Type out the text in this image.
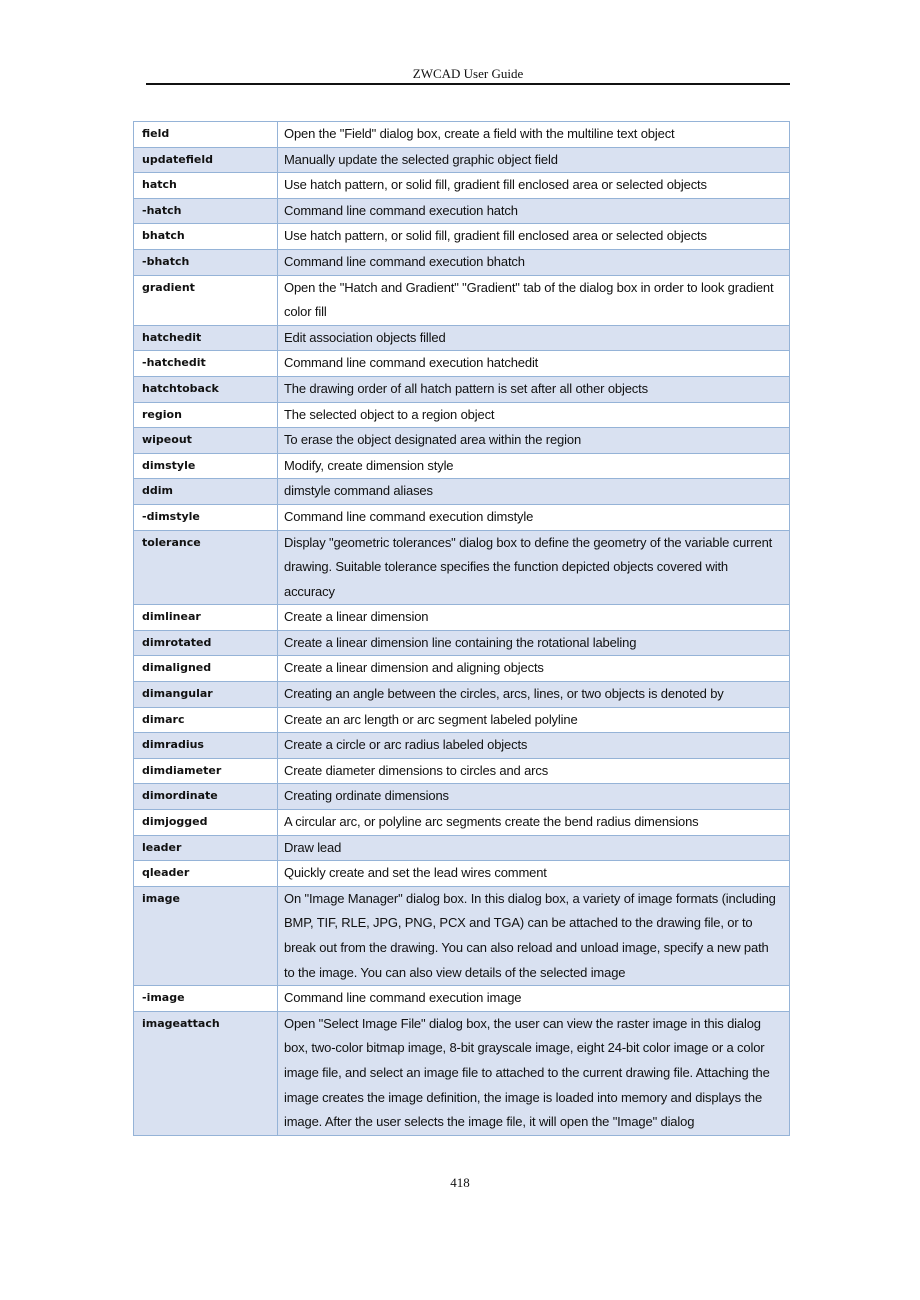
ZWCAD User Guide
field	Open the "Field" dialog box, create a field with the multiline text object
updatefield	Manually update the selected graphic object field
hatch	Use hatch pattern, or solid fill, gradient fill enclosed area or selected objects
-hatch	Command line command execution hatch
bhatch	Use hatch pattern, or solid fill, gradient fill enclosed area or selected objects
-bhatch	Command line command execution bhatch
gradient	Open the "Hatch and Gradient" "Gradient" tab of the dialog box in order to look gradient color fill
hatchedit	Edit association objects filled
-hatchedit	Command line command execution hatchedit
hatchtoback	The drawing order of all hatch pattern is set after all other objects
region	The selected object to a region object
wipeout	To erase the object designated area within the region
dimstyle	Modify, create dimension style
ddim	dimstyle command aliases
-dimstyle	Command line command execution dimstyle
tolerance	Display "geometric tolerances" dialog box to define the geometry of the variable current drawing. Suitable tolerance specifies the function depicted objects covered with accuracy
dimlinear	Create a linear dimension
dimrotated	Create a linear dimension line containing the rotational labeling
dimaligned	Create a linear dimension and aligning objects
dimangular	Creating an angle between the circles, arcs, lines, or two objects is denoted by
dimarc	Create an arc length or arc segment labeled polyline
dimradius	Create a circle or arc radius labeled objects
dimdiameter	Create diameter dimensions to circles and arcs
dimordinate	Creating ordinate dimensions
dimjogged	A circular arc, or polyline arc segments create the bend radius dimensions
leader	Draw lead
qleader	Quickly create and set the lead wires comment
image	On "Image Manager" dialog box. In this dialog box, a variety of image formats (including BMP, TIF, RLE, JPG, PNG, PCX and TGA) can be attached to the drawing file, or to break out from the drawing. You can also reload and unload image, specify a new path to the image. You can also view details of the selected image
-image	Command line command execution image
imageattach	Open "Select Image File" dialog box, the user can view the raster image in this dialog box, two-color bitmap image, 8-bit grayscale image, eight 24-bit color image or a color image file, and select an image file to attached to the current drawing file. Attaching the image creates the image definition, the image is loaded into memory and displays the image. After the user selects the image file, it will open the "Image" dialog
418
